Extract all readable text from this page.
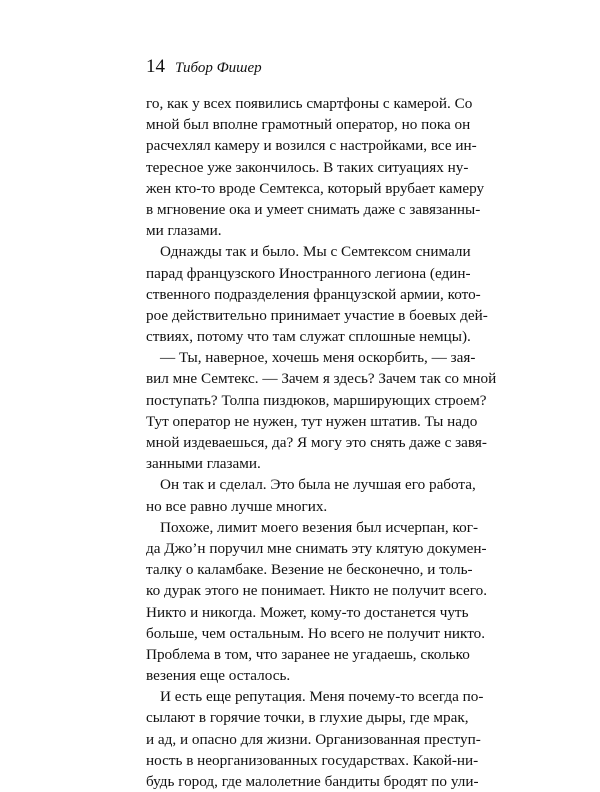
14 Тибор Фишер
го, как у всех появились смартфоны с камерой. Со
мной был вполне грамотный оператор, но пока он
расчехлял камеру и возился с настройками, все ин-
тересное уже закончилось. В таких ситуациях ну-
жен кто-то вроде Семтекса, который врубает камеру
в мгновение ока и умеет снимать даже с завязанны-
ми глазами.
Однажды так и было. Мы с Семтексом снимали
парад французского Иностранного легиона (един-
ственного подразделения французской армии, кото-
рое действительно принимает участие в боевых дей-
ствиях, потому что там служат сплошные немцы).
— Ты, наверное, хочешь меня оскорбить, — зая-
вил мне Семтекс. — Зачем я здесь? Зачем так со мной
поступать? Толпа пиздюков, марширующих строем?
Тут оператор не нужен, тут нужен штатив. Ты надо
мной издеваешься, да? Я могу это снять даже с завя-
занными глазами.
Он так и сделал. Это была не лучшая его работа,
но все равно лучше многих.
Похоже, лимит моего везения был исчерпан, ког-
да Джо’н поручил мне снимать эту клятую докумен-
талку о каламбаке. Везение не бесконечно, и толь-
ко дурак этого не понимает. Никто не получит всего.
Никто и никогда. Может, кому-то достанется чуть
больше, чем остальным. Но всего не получит никто.
Проблема в том, что заранее не угадаешь, сколько
везения еще осталось.
И есть еще репутация. Меня почему-то всегда по-
сылают в горячие точки, в глухие дыры, где мрак,
и ад, и опасно для жизни. Организованная преступ-
ность в неорганизованных государствах. Какой-ни-
будь город, где малолетние бандиты бродят по ули-
